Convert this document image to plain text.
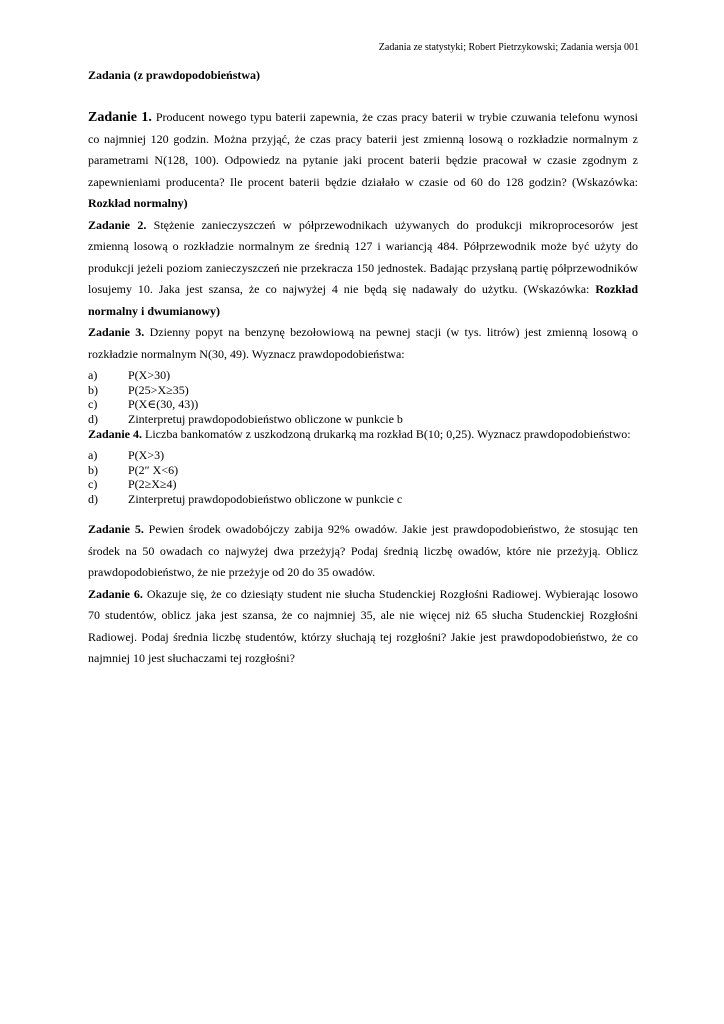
Zadania ze statystyki; Robert Pietrzykowski; Zadania wersja 001
Zadania (z prawdopodobieństwa)

Zadanie 1. Producent nowego typu baterii zapewnia, że czas pracy baterii w trybie czuwania telefonu wynosi co najmniej 120 godzin. Można przyjąć, że czas pracy baterii jest zmienną losową o rozkładzie normalnym z parametrami N(128, 100). Odpowiedz na pytanie jaki procent baterii będzie pracował w czasie zgodnym z zapewnieniami producenta? Ile procent baterii będzie działało w czasie od 60 do 128 godzin? (Wskazówka: Rozkład normalny)

Zadanie 2. Stężenie zanieczyszczeń w półprzewodnikach używanych do produkcji mikroprocesorów jest zmienną losową o rozkładzie normalnym ze średnią 127 i wariancją 484. Półprzewodnik może być użyty do produkcji jeżeli poziom zanieczyszczeń nie przekracza 150 jednostek. Badając przysłaną partię półprzewodników losujemy 10. Jaka jest szansa, że co najwyżej 4 nie będą się nadawały do użytku. (Wskazówka: Rozkład normalny i dwumianowy)

Zadanie 3. Dzienny popyt na benzynę bezołowiową na pewnej stacji (w tys. litrów) jest zmienną losową o rozkładzie normalnym N(30, 49). Wyznacz prawdopodobieństwa:

a)	P(X>30)
b)	P(25>X≥35)
c)	P(X∈(30, 43))
d)	Zinterpretuj prawdopodobieństwo obliczone w punkcie b

Zadanie 4. Liczba bankomatów z uszkodzoną drukarką ma rozkład B(10; 0,25). Wyznacz prawdopodobieństwo:

a)	P(X>3)
b)	P(2″ X<6)
c)	P(2≥X≥4)
d)	Zinterpretuj prawdopodobieństwo obliczone w punkcie c

Zadanie 5. Pewien środek owadobójczy zabija 92% owadów. Jakie jest prawdopodobieństwo, że stosując ten środek na 50 owadach co najwyżej dwa przeżyją? Podaj średnią liczbę owadów, które nie przeżyją. Oblicz prawdopodobieństwo, że nie przeżyje od 20 do 35 owadów.

Zadanie 6. Okazuje się, że co dziesiąty student nie słucha Studenckiej Rozgłośni Radiowej. Wybierając losowo 70 studentów, oblicz jaka jest szansa, że co najmniej 35, ale nie więcej niż 65 słucha Studenckiej Rozgłośni Radiowej. Podaj średnia liczbę studentów, którzy słuchają tej rozgłośni? Jakie jest prawdopodobieństwo, że co najmniej 10 jest słuchaczami tej rozgłośni?
